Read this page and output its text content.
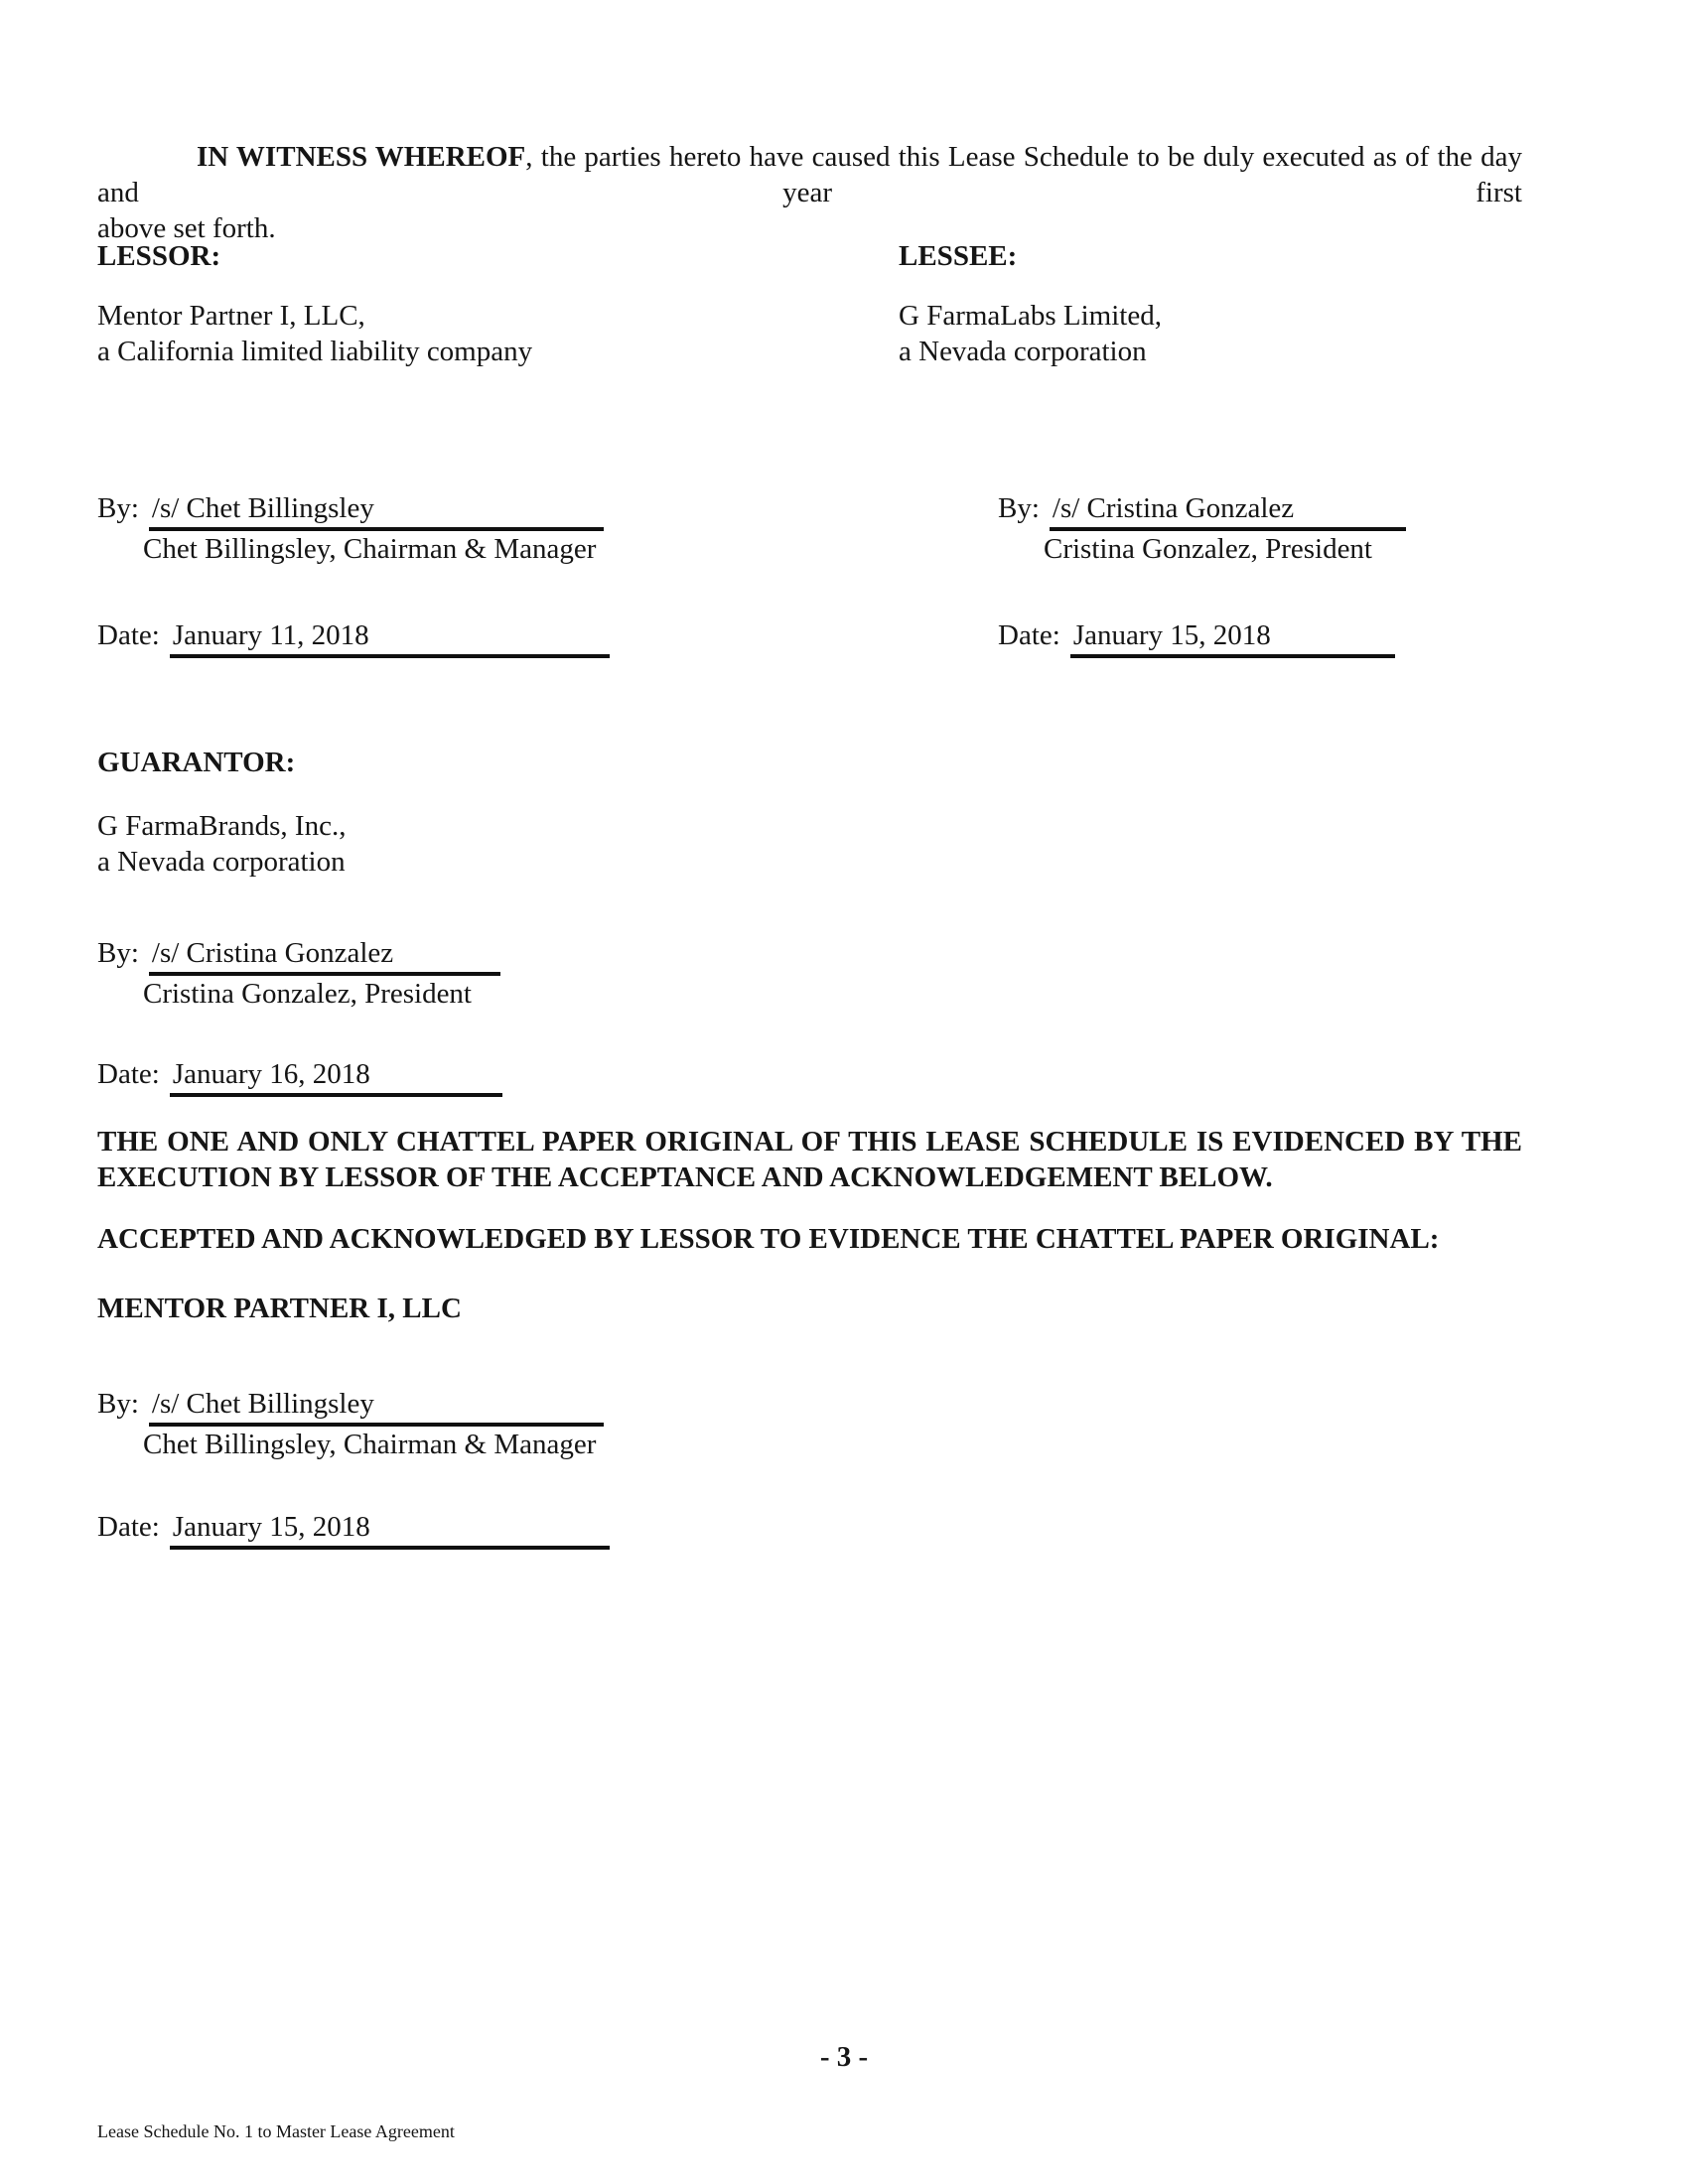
IN WITNESS WHEREOF, the parties hereto have caused this Lease Schedule to be duly executed as of the day and year first
above set forth.
LESSOR:	LESSEE:
Mentor Partner I, LLC,
a California limited liability company
G FarmaLabs Limited,
a Nevada corporation
By: /s/ Chet Billingsley
Chet Billingsley, Chairman & Manager
By: /s/ Cristina Gonzalez
Cristina Gonzalez, President
Date: January 11, 2018	Date: January 15, 2018
GUARANTOR:
G FarmaBrands, Inc.,
a Nevada corporation
By: /s/ Cristina Gonzalez
Cristina Gonzalez, President
Date: January 16, 2018
THE ONE AND ONLY CHATTEL PAPER ORIGINAL OF THIS LEASE SCHEDULE IS EVIDENCED BY THE
EXECUTION BY LESSOR OF THE ACCEPTANCE AND ACKNOWLEDGEMENT BELOW.
ACCEPTED AND ACKNOWLEDGED BY LESSOR TO EVIDENCE THE CHATTEL PAPER ORIGINAL:
MENTOR PARTNER I, LLC
By: /s/ Chet Billingsley
Chet Billingsley, Chairman & Manager
Date: January 15, 2018
- 3 -
Lease Schedule No. 1 to Master Lease Agreement
